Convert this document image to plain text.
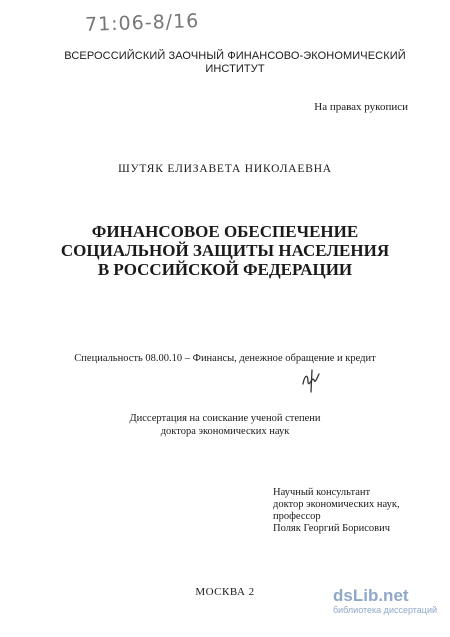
71:06-8/16
ВСЕРОССИЙСКИЙ ЗАОЧНЫЙ ФИНАНСОВО-ЭКОНОМИЧЕСКИЙ ИНСТИТУТ
На правах рукописи
ШУТЯК ЕЛИЗАВЕТА НИКОЛАЕВНА
ФИНАНСОВОЕ ОБЕСПЕЧЕНИЕ СОЦИАЛЬНОЙ ЗАЩИТЫ НАСЕЛЕНИЯ В РОССИЙСКОЙ ФЕДЕРАЦИИ
Специальность 08.00.10 – Финансы, денежное обращение и кредит
Диссертация на соискание ученой степени
доктора экономических наук
Научный консультант
доктор экономических наук,
профессор
Поляк Георгий Борисович
МОСКВА 2	dsLib.net
библиотека диссертаций
